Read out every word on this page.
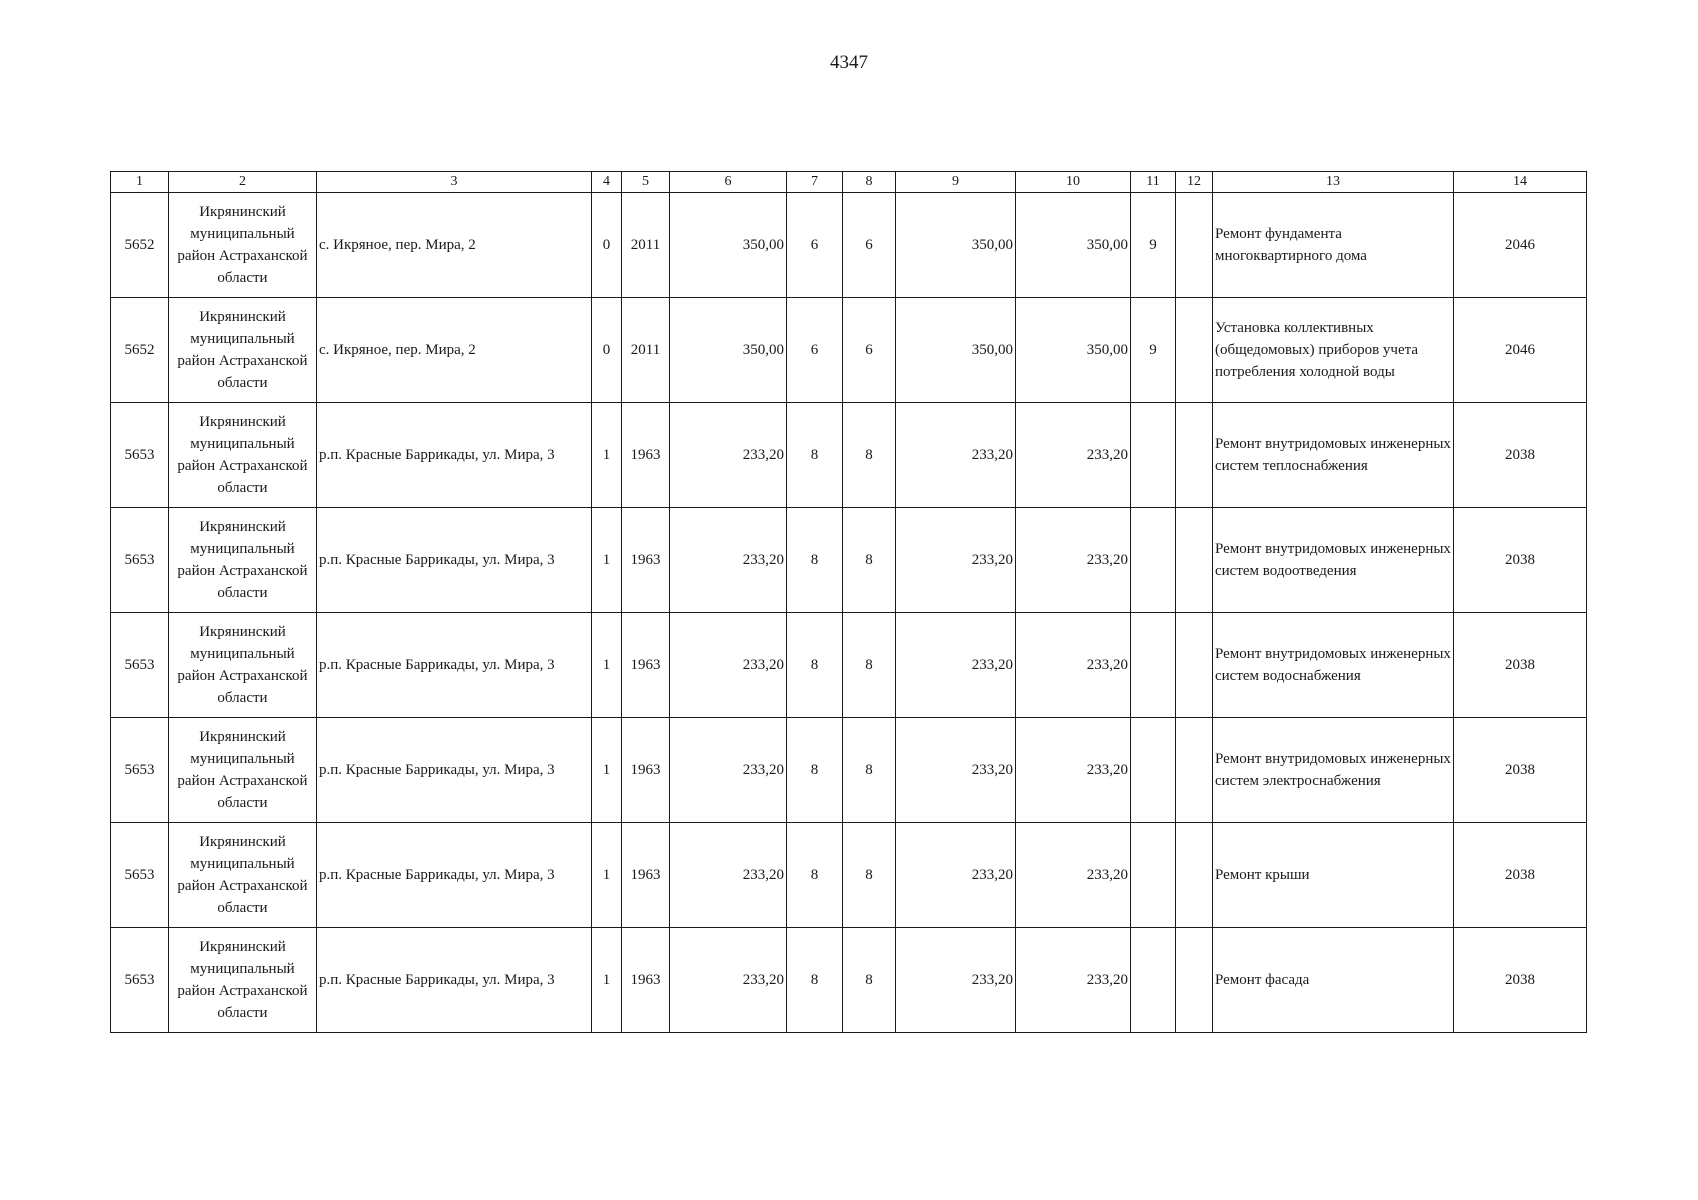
4347
1	2	3	4	5	6	7	8	9	10	11	12	13	14
5652	Икрянинский муниципальный район Астраханской области	с. Икряное, пер. Мира, 2	0	2011	350,00	6	6	350,00	350,00	9		Ремонт фундамента многоквартирного дома	2046
5652	Икрянинский муниципальный район Астраханской области	с. Икряное, пер. Мира, 2	0	2011	350,00	6	6	350,00	350,00	9		Установка коллективных (общедомовых) приборов учета потребления холодной воды	2046
5653	Икрянинский муниципальный район Астраханской области	р.п. Красные Баррикады, ул. Мира, 3	1	1963	233,20	8	8	233,20	233,20			Ремонт внутридомовых инженерных систем теплоснабжения	2038
5653	Икрянинский муниципальный район Астраханской области	р.п. Красные Баррикады, ул. Мира, 3	1	1963	233,20	8	8	233,20	233,20			Ремонт внутридомовых инженерных систем водоотведения	2038
5653	Икрянинский муниципальный район Астраханской области	р.п. Красные Баррикады, ул. Мира, 3	1	1963	233,20	8	8	233,20	233,20			Ремонт внутридомовых инженерных систем водоснабжения	2038
5653	Икрянинский муниципальный район Астраханской области	р.п. Красные Баррикады, ул. Мира, 3	1	1963	233,20	8	8	233,20	233,20			Ремонт внутридомовых инженерных систем электроснабжения	2038
5653	Икрянинский муниципальный район Астраханской области	р.п. Красные Баррикады, ул. Мира, 3	1	1963	233,20	8	8	233,20	233,20			Ремонт крыши	2038
5653	Икрянинский муниципальный район Астраханской области	р.п. Красные Баррикады, ул. Мира, 3	1	1963	233,20	8	8	233,20	233,20			Ремонт фасада	2038
